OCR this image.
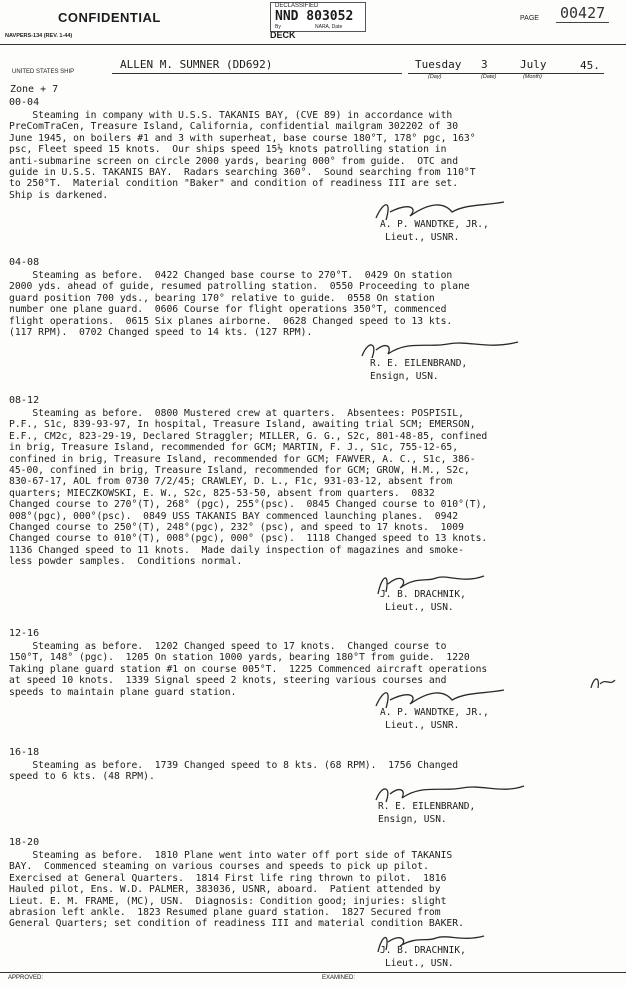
CONFIDENTIAL
NAVPERS-134 (REV. 1-44)
DECLASSIFIED
NND 803052
By	NARA, Date
DECK
PAGE 00427
UNITED STATES SHIP
ALLEN M. SUMNER (DD692)	Tuesday 3	July	45.
(Day)	(Date)	(Month)
Zone + 7
00-04
Steaming in company with U.S.S. TAKANIS BAY, (CVE 89) in accordance with
PreComTraCen, Treasure Island, California, confidential mailgram 302202 of 30
June 1945, on boilers #1 and 3 with superheat, base course 180°T, 178° pgc, 163°
psc, Fleet speed 15 knots.  Our ships speed 15½ knots patrolling station in
anti-submarine screen on circle 2000 yards, bearing 000° from guide.  OTC and
guide in U.S.S. TAKANIS BAY.  Radars searching 360°.  Sound searching from 110°T
to 250°T.  Material condition "Baker" and condition of readiness III are set.
Ship is darkened.
A. P. WANDTKE, JR.,
Lieut., USNR.
04-08
Steaming as before.  0422 Changed base course to 270°T.  0429 On station
2000 yds. ahead of guide, resumed patrolling station.  0550 Proceeding to plane
guard position 700 yds., bearing 170° relative to guide.  0558 On station
number one plane guard.  0606 Course for flight operations 350°T, commenced
flight operations.  0615 Six planes airborne.  0628 Changed speed to 13 kts.
(117 RPM).  0702 Changed speed to 14 kts. (127 RPM).
R. E. EILENBRAND,
Ensign, USN.
08-12
Steaming as before.  0800 Mustered crew at quarters.  Absentees: POSPISIL,
P.F., S1c, 839-93-97, In hospital, Treasure Island, awaiting trial SCM; EMERSON,
E.F., CM2c, 823-29-19, Declared Straggler; MILLER, G. G., S2c, 801-48-85, confined
in brig, Treasure Island, recommended for GCM; MARTIN, F. J., S1c, 755-12-65,
confined in brig, Treasure Island, recommended for GCM; FAWVER, A. C., S1c, 386-
45-00, confined in brig, Treasure Island, recommended for GCM; GROW, H.M., S2c,
830-67-17, AOL from 0730 7/2/45; CRAWLEY, D. L., F1c, 931-03-12, absent from
quarters; MIECZKOWSKI, E. W., S2c, 825-53-50, absent from quarters.  0832
Changed course to 270°(T), 268° (pgc), 255°(psc).  0845 Changed course to 010°(T),
008°(pgc), 000°(psc).  0849 USS TAKANIS BAY commenced launching planes.  0942
Changed course to 250°(T), 248°(pgc), 232° (psc), and speed to 17 knots.  1009
Changed course to 010°(T), 008°(pgc), 000° (psc).  1118 Changed speed to 13 knots.
1136 Changed speed to 11 knots.  Made daily inspection of magazines and smoke-
less powder samples.  Conditions normal.
J. B. DRACHNIK,
Lieut., USN.
12-16
Steaming as before.  1202 Changed speed to 17 knots.  Changed course to
150°T, 148° (pgc).  1205 On station 1000 yards, bearing 180°T from guide.  1220
Taking plane guard station #1 on course 005°T.  1225 Commenced aircraft operations
at speed 10 knots.  1339 Signal speed 2 knots, steering various courses and
speeds to maintain plane guard station.
A. P. WANDTKE, JR.,
Lieut., USNR.
16-18
Steaming as before.  1739 Changed speed to 8 kts. (68 RPM).  1756 Changed
speed to 6 kts. (48 RPM).
R. E. EILENBRAND,
Ensign, USN.
18-20
Steaming as before.  1810 Plane went into water off port side of TAKANIS
BAY.  Commenced steaming on various courses and speeds to pick up pilot.
Exercised at General Quarters.  1814 First life ring thrown to pilot.  1816
Hauled pilot, Ens. W.D. PALMER, 383036, USNR, aboard.  Patient attended by
Lieut. E. M. FRAME, (MC), USN.  Diagnosis: Condition good; injuries: slight
abrasion left ankle.  1823 Resumed plane guard station.  1827 Secured from
General Quarters; set condition of readiness III and material condition BAKER.
J. B. DRACHNIK,
Lieut., USN.
APPROVED:	EXAMINED:
